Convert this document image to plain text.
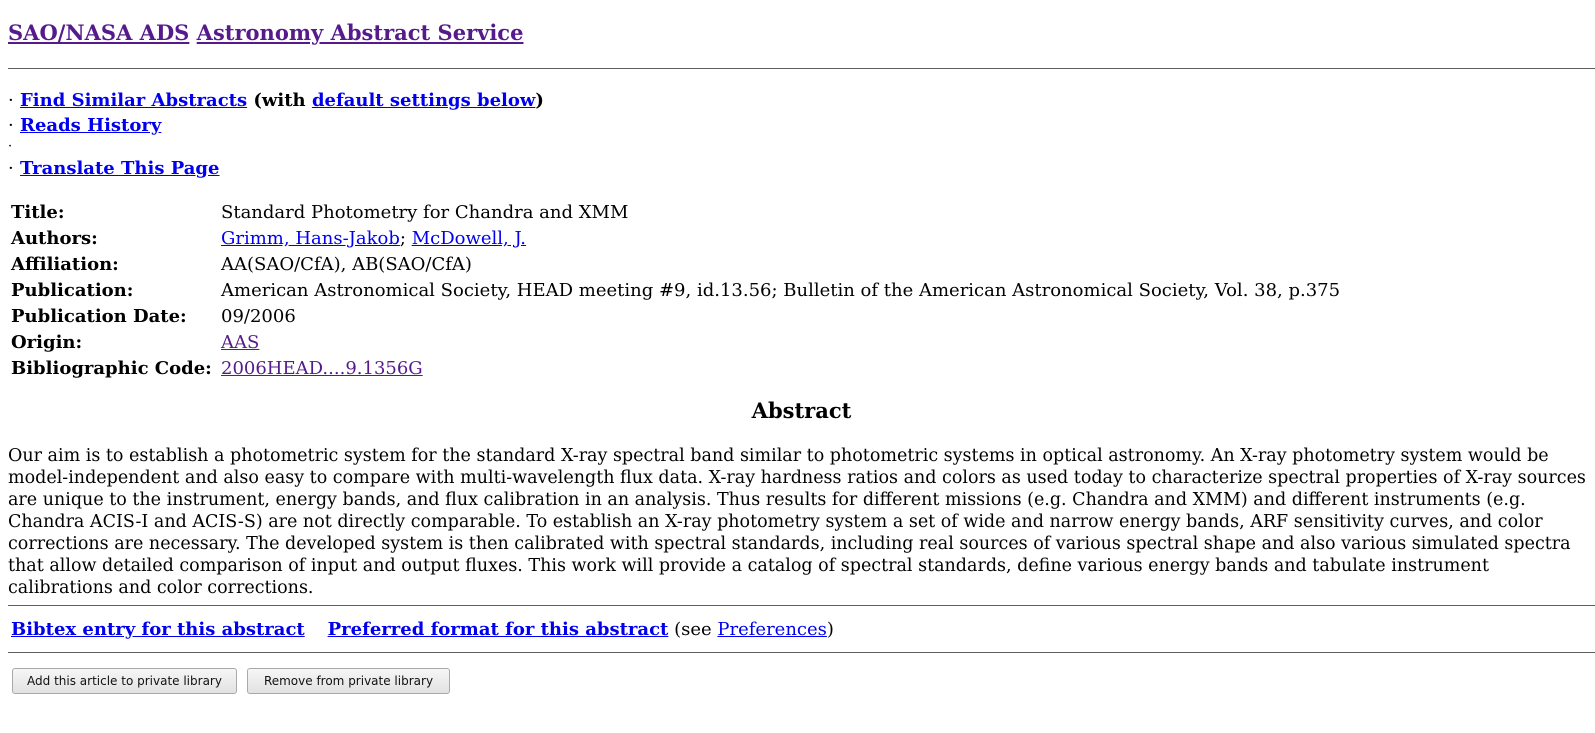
SAO/NASA ADS Astronomy Abstract Service
· Find Similar Abstracts (with default settings below)
· Reads History
·
· Translate This Page
Title:	Standard Photometry for Chandra and XMM
Authors:	Grimm, Hans-Jakob; McDowell, J.
Affiliation:	AA(SAO/CfA), AB(SAO/CfA)
Publication:	American Astronomical Society, HEAD meeting #9, id.13.56; Bulletin of the American Astronomical Society, Vol. 38, p.375
Publication Date:	09/2006
Origin:	AAS
Bibliographic Code: 2006HEAD....9.1356G
Abstract
Our aim is to establish a photometric system for the standard X-ray spectral band similar to photometric systems in optical astronomy. An X-ray photometry system would be model-independent and also easy to compare with multi-wavelength flux data. X-ray hardness ratios and colors as used today to characterize spectral properties of X-ray sources are unique to the instrument, energy bands, and flux calibration in an analysis. Thus results for different missions (e.g. Chandra and XMM) and different instruments (e.g. Chandra ACIS-I and ACIS-S) are not directly comparable. To establish an X-ray photometry system a set of wide and narrow energy bands, ARF sensitivity curves, and color corrections are necessary. The developed system is then calibrated with spectral standards, including real sources of various spectral shape and also various simulated spectra that allow detailed comparison of input and output fluxes. This work will provide a catalog of spectral standards, define various energy bands and tabulate instrument calibrations and color corrections.
Bibtex entry for this abstract Preferred format for this abstract (see Preferences)
Add this article to private library	Remove from private library
